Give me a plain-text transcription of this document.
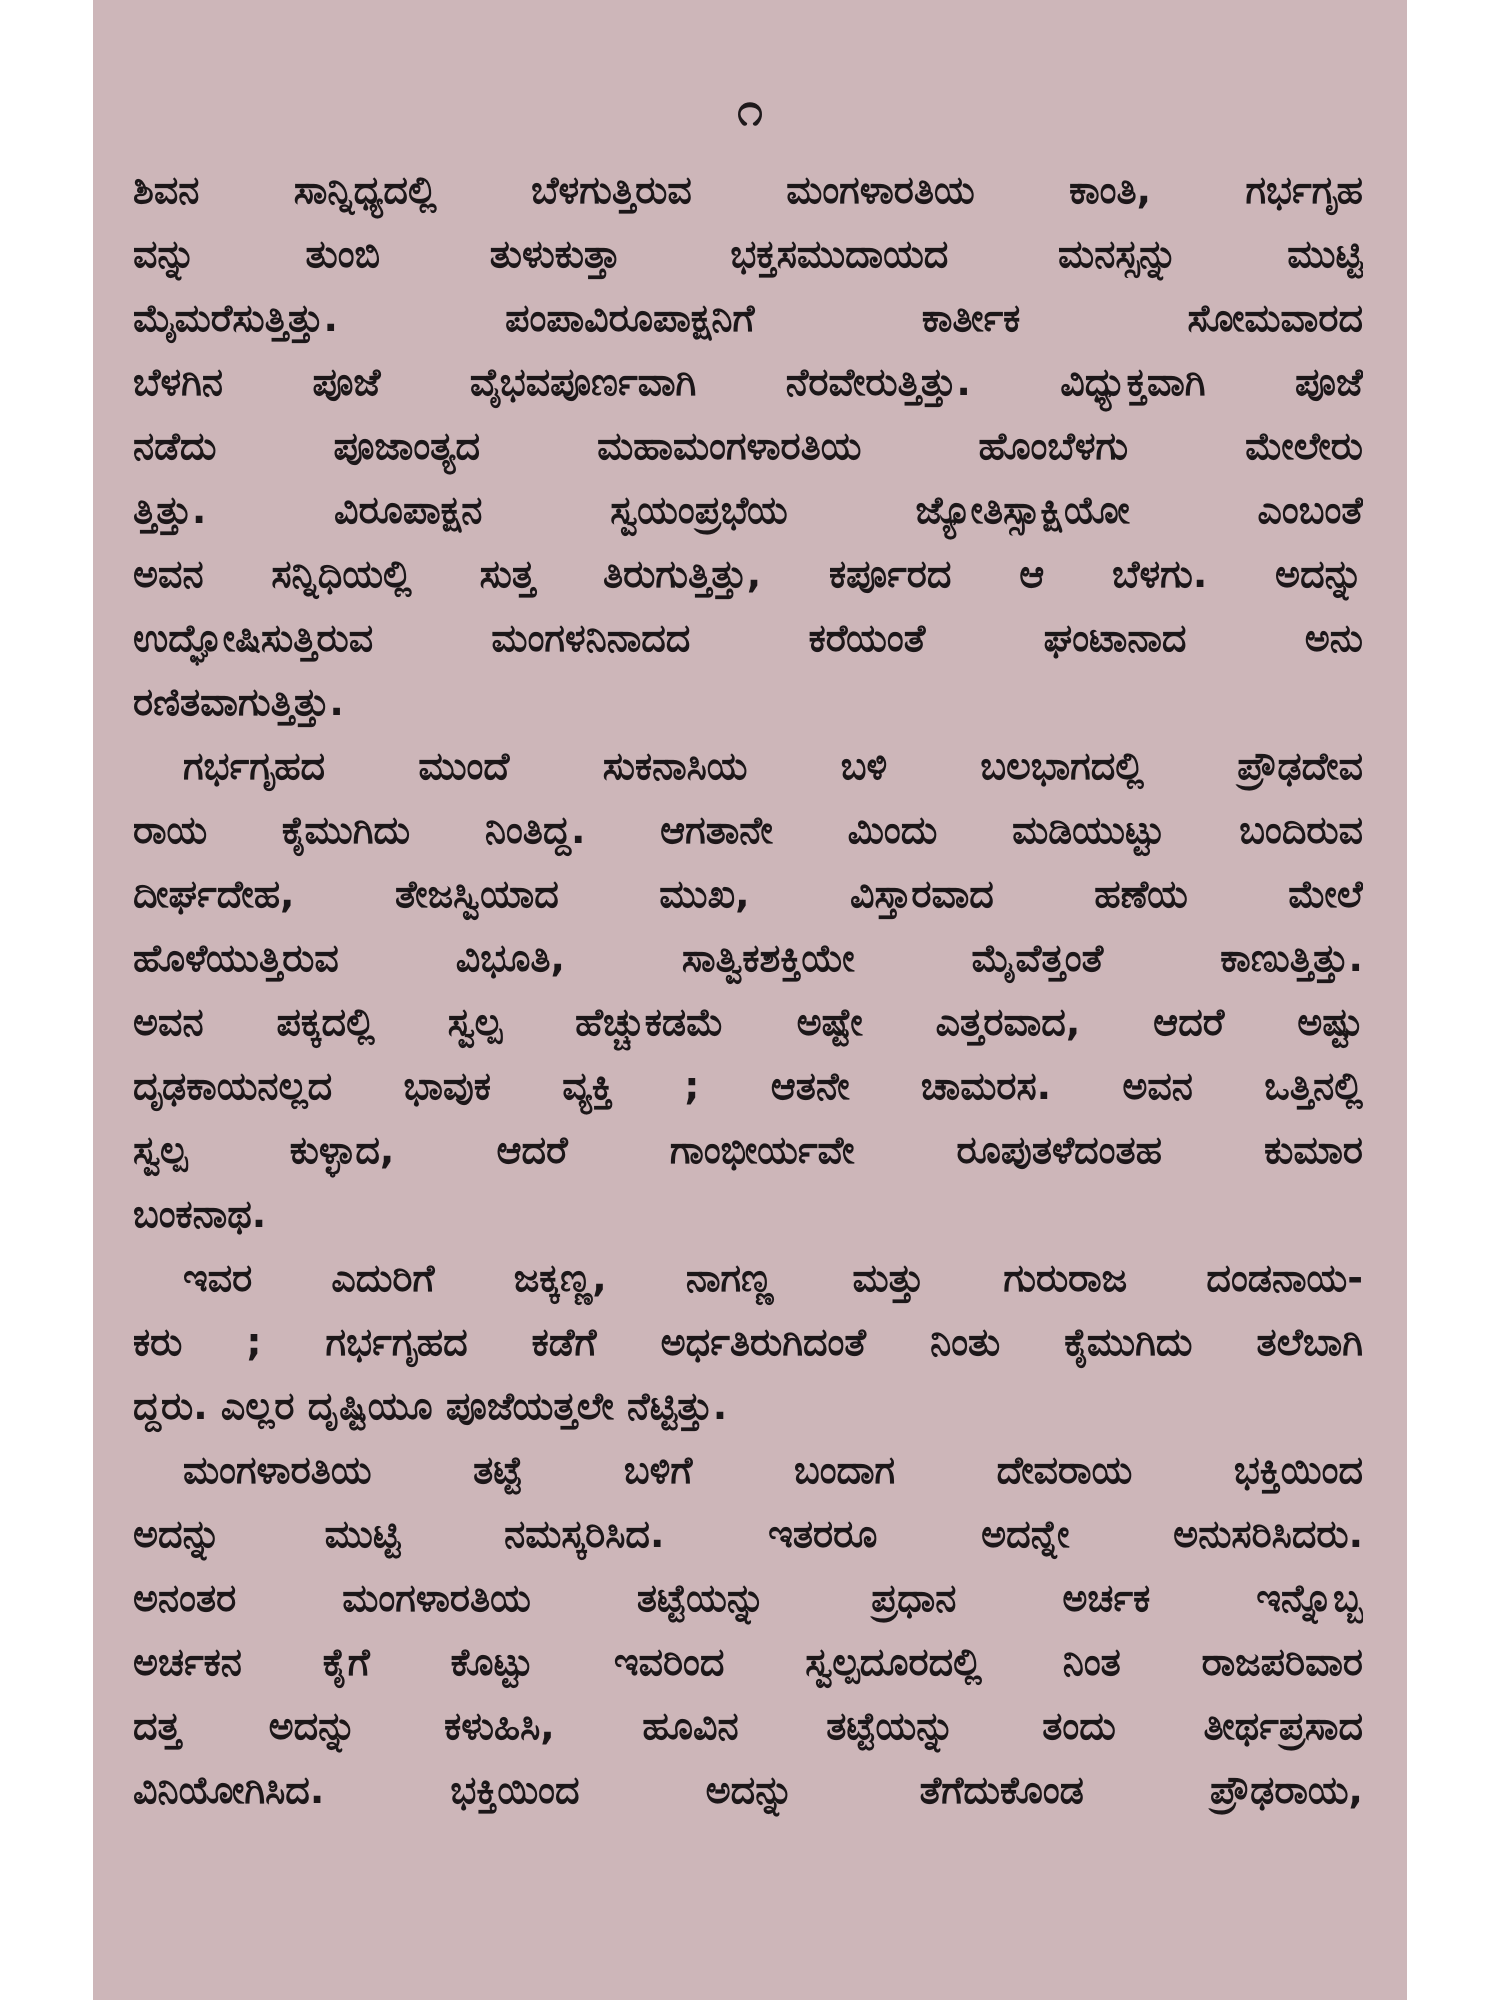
೧
ಶಿವನ ಸಾನ್ನಿಧ್ಯದಲ್ಲಿ ಬೆಳಗುತ್ತಿರುವ ಮಂಗಳಾರತಿಯ ಕಾಂತಿ, ಗರ್ಭಗೃಹ
ವನ್ನು ತುಂಬಿ ತುಳುಕುತ್ತಾ ಭಕ್ತಸಮುದಾಯದ ಮನಸ್ಸನ್ನು ಮುಟ್ಟಿ
ಮೈಮರೆಸುತ್ತಿತ್ತು. ಪಂಪಾವಿರೂಪಾಕ್ಷನಿಗೆ ಕಾರ್ತೀಕ ಸೋಮವಾರದ
ಬೆಳಗಿನ ಪೂಜೆ ವೈಭವಪೂರ್ಣವಾಗಿ ನೆರವೇರುತ್ತಿತ್ತು. ವಿಧ್ಯುಕ್ತವಾಗಿ ಪೂಜೆ
ನಡೆದು ಪೂಜಾಂತ್ಯದ ಮಹಾಮಂಗಳಾರತಿಯ ಹೊಂಬೆಳಗು ಮೇಲೇರು
ತ್ತಿತ್ತು. ವಿರೂಪಾಕ್ಷನ ಸ್ವಯಂಪ್ರಭೆಯ ಜ್ಯೋತಿಸ್ಸಾಕ್ಷಿಯೋ ಎಂಬಂತೆ
ಅವನ ಸನ್ನಿಧಿಯಲ್ಲಿ ಸುತ್ತ ತಿರುಗುತ್ತಿತ್ತು, ಕರ್ಪೂರದ ಆ ಬೆಳಗು. ಅದನ್ನು
ಉದ್ಘೋಷಿಸುತ್ತಿರುವ ಮಂಗಳನಿನಾದದ ಕರೆಯಂತೆ ಘಂಟಾನಾದ ಅನು
ರಣಿತವಾಗುತ್ತಿತ್ತು.
ಗರ್ಭಗೃಹದ ಮುಂದೆ ಸುಕನಾಸಿಯ ಬಳಿ ಬಲಭಾಗದಲ್ಲಿ ಪ್ರೌಢದೇವ
ರಾಯ ಕೈಮುಗಿದು ನಿಂತಿದ್ದ. ಆಗತಾನೇ ಮಿಂದು ಮಡಿಯುಟ್ಟು ಬಂದಿರುವ
ದೀರ್ಘದೇಹ, ತೇಜಸ್ವಿಯಾದ ಮುಖ, ವಿಸ್ತಾರವಾದ ಹಣೆಯ ಮೇಲೆ
ಹೊಳೆಯುತ್ತಿರುವ ವಿಭೂತಿ, ಸಾತ್ವಿಕಶಕ್ತಿಯೇ ಮೈವೆತ್ತಂತೆ ಕಾಣುತ್ತಿತ್ತು.
ಅವನ ಪಕ್ಕದಲ್ಲಿ ಸ್ವಲ್ಪ ಹೆಚ್ಚುಕಡಮೆ ಅಷ್ಟೇ ಎತ್ತರವಾದ, ಆದರೆ ಅಷ್ಟು
ದೃಢಕಾಯನಲ್ಲದ ಭಾವುಕ ವ್ಯಕ್ತಿ ; ಆತನೇ ಚಾಮರಸ. ಅವನ ಒತ್ತಿನಲ್ಲಿ
ಸ್ವಲ್ಪ ಕುಳ್ಳಾದ, ಆದರೆ ಗಾಂಭೀರ್ಯವೇ ರೂಪುತಳೆದಂತಹ ಕುಮಾರ
ಬಂಕನಾಥ.
ಇವರ ಎದುರಿಗೆ ಜಕ್ಕಣ್ಣ, ನಾಗಣ್ಣ ಮತ್ತು ಗುರುರಾಜ ದಂಡನಾಯ-
ಕರು ; ಗರ್ಭಗೃಹದ ಕಡೆಗೆ ಅರ್ಧತಿರುಗಿದಂತೆ ನಿಂತು ಕೈಮುಗಿದು ತಲೆಬಾಗಿ
ದ್ದರು. ಎಲ್ಲರ ದೃಷ್ಟಿಯೂ ಪೂಜೆಯತ್ತಲೇ ನೆಟ್ಟಿತ್ತು.
ಮಂಗಳಾರತಿಯ ತಟ್ಟೆ ಬಳಿಗೆ ಬಂದಾಗ ದೇವರಾಯ ಭಕ್ತಿಯಿಂದ
ಅದನ್ನು ಮುಟ್ಟಿ ನಮಸ್ಕರಿಸಿದ. ಇತರರೂ ಅದನ್ನೇ ಅನುಸರಿಸಿದರು.
ಅನಂತರ ಮಂಗಳಾರತಿಯ ತಟ್ಟೆಯನ್ನು ಪ್ರಧಾನ ಅರ್ಚಕ ಇನ್ನೊಬ್ಬ
ಅರ್ಚಕನ ಕೈಗೆ ಕೊಟ್ಟು ಇವರಿಂದ ಸ್ವಲ್ಪದೂರದಲ್ಲಿ ನಿಂತ ರಾಜಪರಿವಾರ
ದತ್ತ ಅದನ್ನು ಕಳುಹಿಸಿ, ಹೂವಿನ ತಟ್ಟೆಯನ್ನು ತಂದು ತೀರ್ಥಪ್ರಸಾದ
ವಿನಿಯೋಗಿಸಿದ. ಭಕ್ತಿಯಿಂದ ಅದನ್ನು ತೆಗೆದುಕೊಂಡ ಪ್ರೌಢರಾಯ,
